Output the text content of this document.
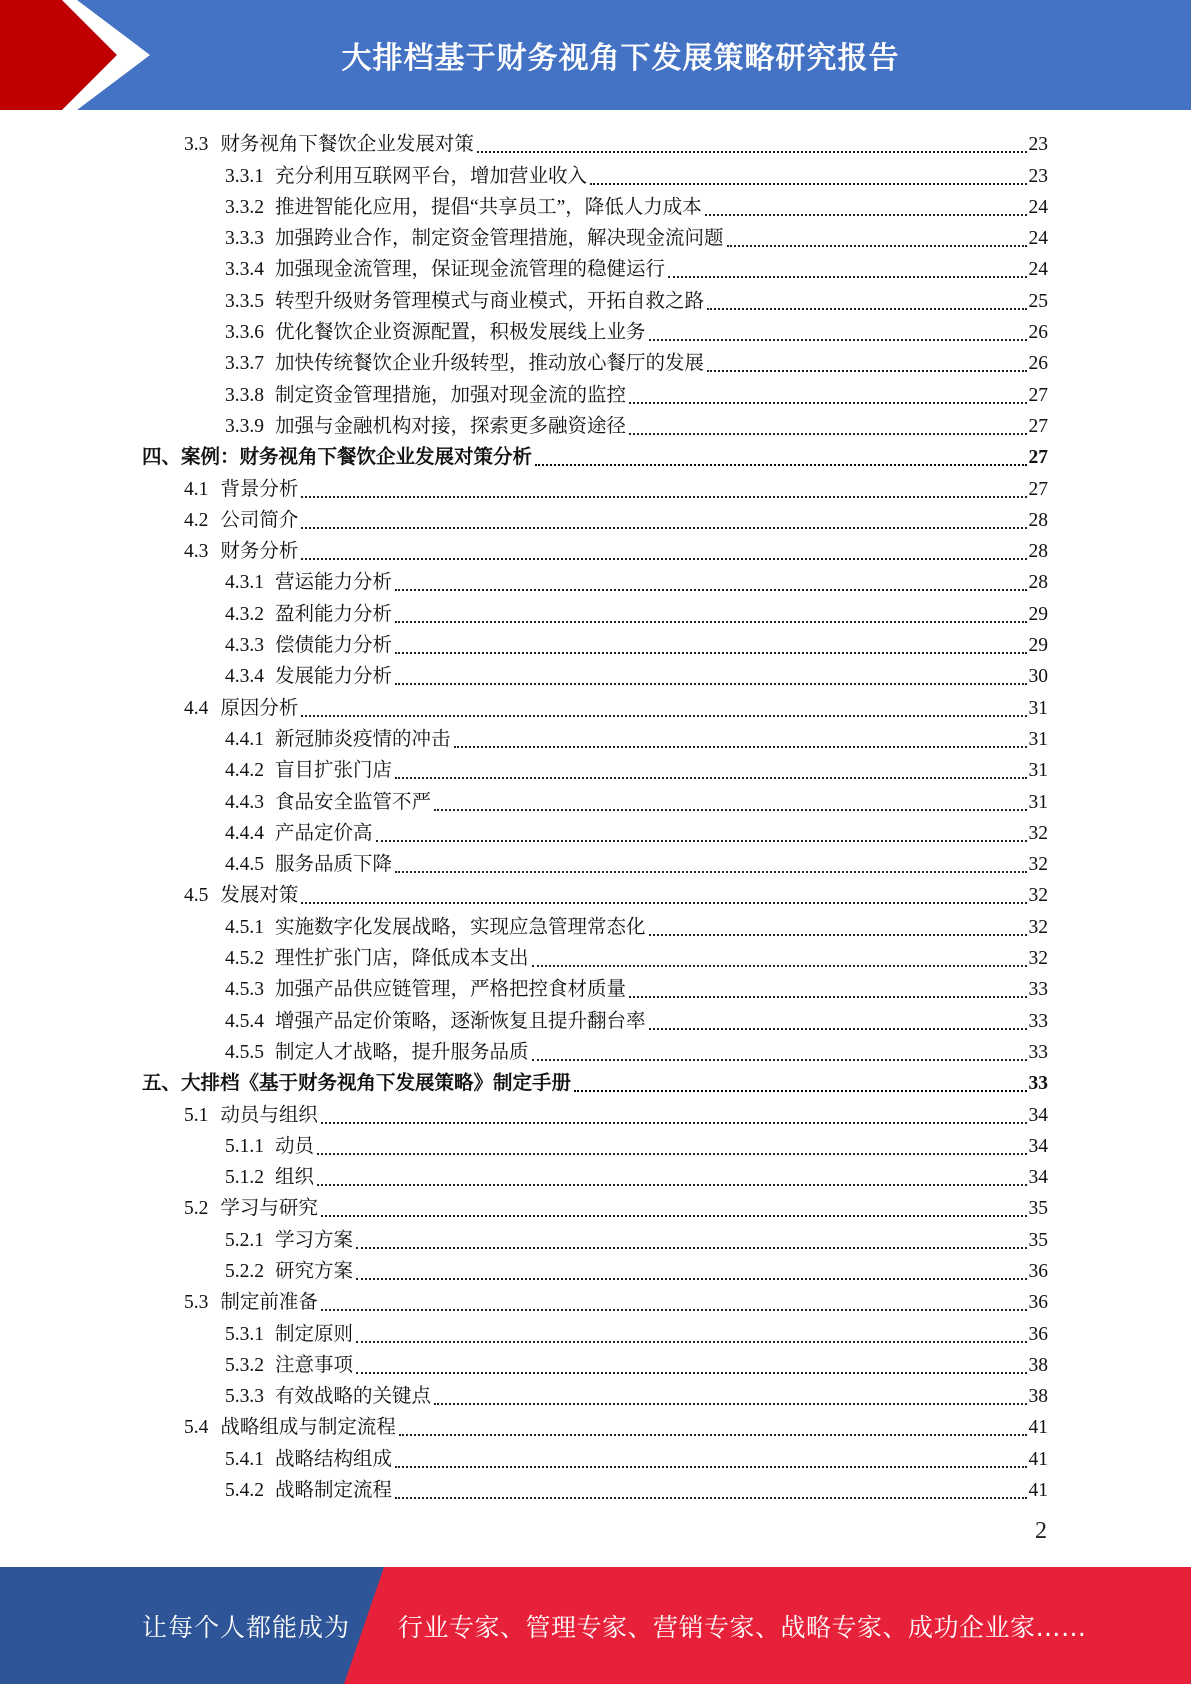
大排档基于财务视角下发展策略研究报告
3.3 财务视角下餐饮企业发展对策	23
3.3.1 充分利用互联网平台，增加营业收入	23
3.3.2 推进智能化应用，提倡“共享员工”，降低人力成本	24
3.3.3 加强跨业合作，制定资金管理措施，解决现金流问题	24
3.3.4 加强现金流管理，保证现金流管理的稳健运行	24
3.3.5 转型升级财务管理模式与商业模式，开拓自救之路	25
3.3.6 优化餐饮企业资源配置，积极发展线上业务	26
3.3.7 加快传统餐饮企业升级转型，推动放心餐厅的发展	26
3.3.8 制定资金管理措施，加强对现金流的监控	27
3.3.9 加强与金融机构对接，探索更多融资途径	27
四、案例：财务视角下餐饮企业发展对策分析	27
4.1 背景分析	27
4.2 公司简介	28
4.3 财务分析	28
4.3.1 营运能力分析	28
4.3.2 盈利能力分析	29
4.3.3 偿债能力分析	29
4.3.4 发展能力分析	30
4.4 原因分析	31
4.4.1 新冠肺炎疫情的冲击	31
4.4.2 盲目扩张门店	31
4.4.3 食品安全监管不严	31
4.4.4 产品定价高	32
4.4.5 服务品质下降	32
4.5 发展对策	32
4.5.1 实施数字化发展战略，实现应急管理常态化	32
4.5.2 理性扩张门店，降低成本支出	32
4.5.3 加强产品供应链管理，严格把控食材质量	33
4.5.4 增强产品定价策略，逐渐恢复且提升翻台率	33
4.5.5 制定人才战略，提升服务品质	33
五、大排档《基于财务视角下发展策略》制定手册	33
5.1 动员与组织	34
5.1.1 动员	34
5.1.2 组织	34
5.2 学习与研究	35
5.2.1 学习方案	35
5.2.2 研究方案	36
5.3 制定前准备	36
5.3.1 制定原则	36
5.3.2 注意事项	38
5.3.3 有效战略的关键点	38
5.4 战略组成与制定流程	41
5.4.1 战略结构组成	41
5.4.2 战略制定流程	41
2
让每个人都能成为 行业专家、管理专家、营销专家、战略专家、成功企业家……
